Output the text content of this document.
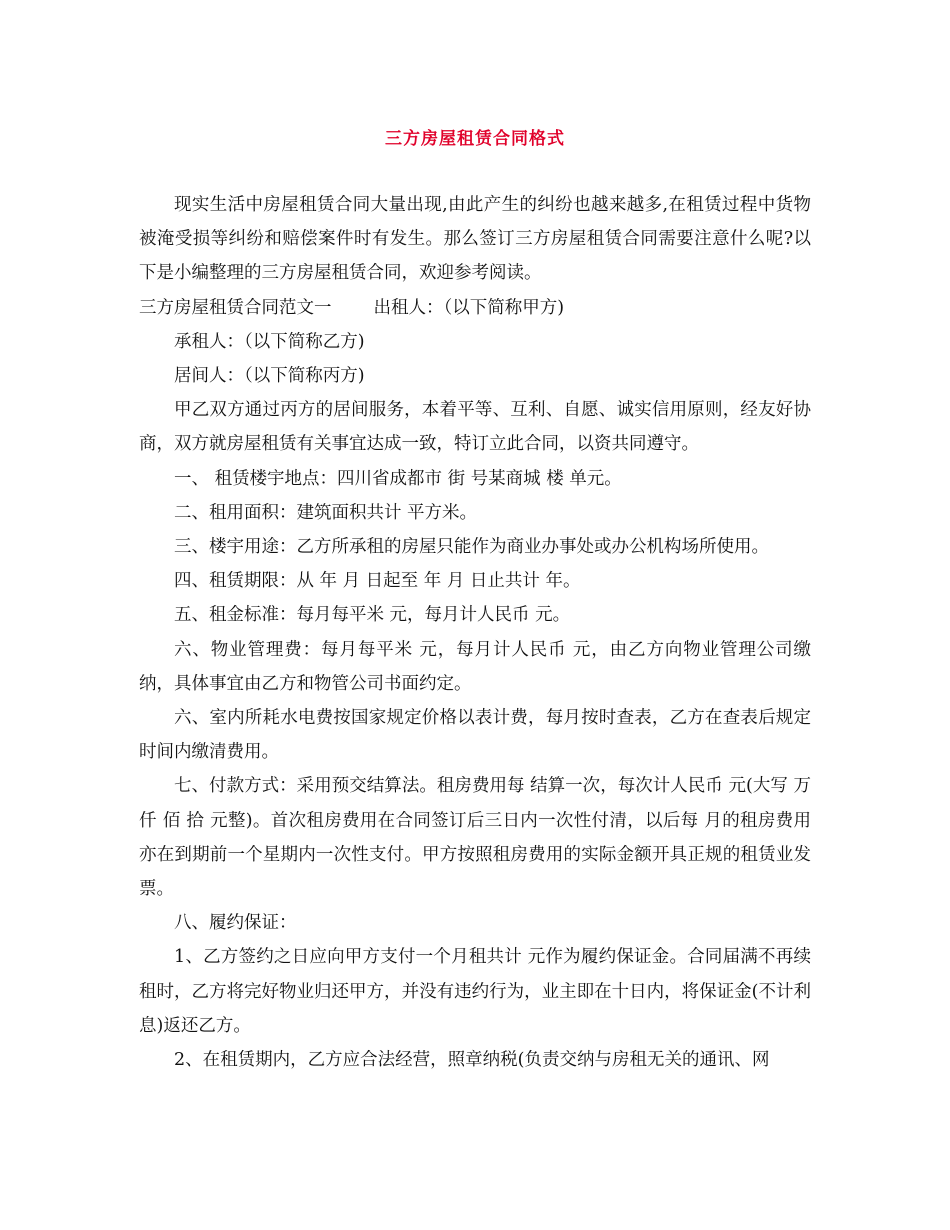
三方房屋租赁合同格式

现实生活中房屋租赁合同大量出现,由此产生的纠纷也越来越多,在租赁过程中货物被淹受损等纠纷和赔偿案件时有发生。那么签订三方房屋租赁合同需要注意什么呢?以下是小编整理的三方房屋租赁合同，欢迎参考阅读。

三方房屋租赁合同范文一 出租人：（以下简称甲方)

承租人：（以下简称乙方)

居间人：（以下简称丙方)

甲乙双方通过丙方的居间服务，本着平等、互利、自愿、诚实信用原则，经友好协商，双方就房屋租赁有关事宜达成一致，特订立此合同，以资共同遵守。

一、 租赁楼宇地点：四川省成都市 街 号某商城 楼 单元。

二、租用面积：建筑面积共计 平方米。

三、楼宇用途：乙方所承租的房屋只能作为商业办事处或办公机构场所使用。

四、租赁期限：从 年 月 日起至 年 月 日止共计 年。

五、租金标准：每月每平米 元，每月计人民币 元。

六、物业管理费：每月每平米 元，每月计人民币 元，由乙方向物业管理公司缴纳，具体事宜由乙方和物管公司书面约定。

六、室内所耗水电费按国家规定价格以表计费，每月按时查表，乙方在查表后规定时间内缴清费用。

七、付款方式：采用预交结算法。租房费用每 结算一次，每次计人民币 元(大写 万 仟 佰 拾 元整)。首次租房费用在合同签订后三日内一次性付清，以后每 月的租房费用亦在到期前一个星期内一次性支付。甲方按照租房费用的实际金额开具正规的租赁业发票。

八、履约保证：

1、乙方签约之日应向甲方支付一个月租共计 元作为履约保证金。合同届满不再续租时，乙方将完好物业归还甲方，并没有违约行为，业主即在十日内，将保证金(不计利息)返还乙方。

2、在租赁期内，乙方应合法经营，照章纳税(负责交纳与房租无关的通讯、网
